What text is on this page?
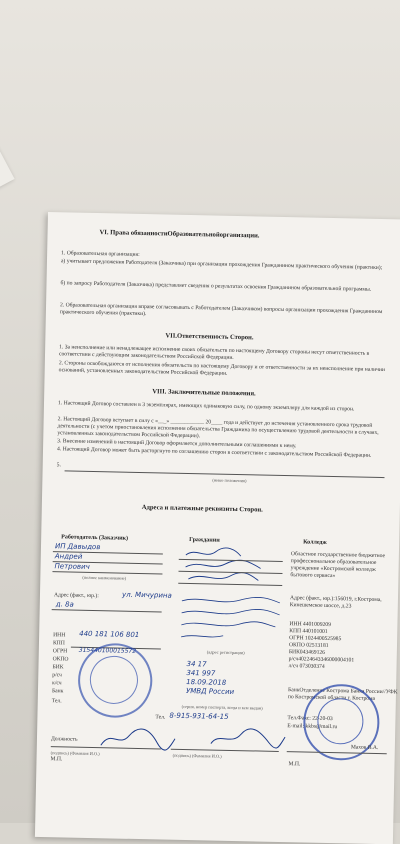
VI. Права обязанностиОбразовательнойорганизации.
1. Образовательная организация:
а) учитывает предложения Работодателя (Заказчика) при организации прохождения Гражданином практического обучения (практики);
б) по запросу Работодателя (Заказчика) представляет сведения о результатах освоения Гражданином образовательной программы.
2. Образовательная организация вправе согласовывать с Работодателем (Заказчиком) вопросы организации прохождения Гражданином практического обучения (практики).
VII.Ответственность Сторон.
1. За неисполнение или ненадлежащее исполнение своих обязательств по настоящему Договору стороны несут ответственность в соответствии с действующим законодательством Российской Федерации.
2. Стороны освобождаются от исполнения обязательств по настоящему Договору и от ответственности за их неисполнение при наличии оснований, установленных законодательством Российской Федерации.
VIII. Заключительные положения.
1. Настоящий Договор составлен в 3 экземплярах, имеющих одинаковую силу, по одному экземпляру для каждой из сторон.
2. Настоящий Договор вступает в силу с «___» ____________ 20____ года и действует до истечения установленного срока трудовой деятельности (с учетом приостановления исполнения обязательства Гражданина по осуществлению трудовой деятельности в случаях, установленных законодательством Российской Федерации).
3. Внесение изменений в настоящий Договор оформляется дополнительными соглашениями к нему.
4. Настоящий Договор может быть расторгнуто по соглашению сторон в соответствии с законодательством Российской Федерации.
5.
(иные положения)
Адреса и платежные реквизиты Сторон.
Работодатель (Заказчик)	Гражданин	Колледж
ИП Давыдов
Андрей
Петрович
(полное наименование)
Адрес (факт., юр.):	ул. Мичурина
д. 8а
ИНН 440 181 106 801
КПП
ОГРН 315440100015572
ОКПО
БИК
р/сч
к/сч
Банк
Тел.
(адрес регистрации)
34 17
341 997
18.09.2018
УМВД России
(серия, номер паспорта, когда и кем выдан)
Тел. 8-915-931-64-15
Областное государственное бюджетное профессиональное образовательное учреждение «Костромской колледж бытового сервиса»
Адрес (факт., юр.):156019, г.Кострома, Кинешемское шоссе, д.23
ИНН 4401009209
КПП 440101001
ОГРН 1024400525985
ОКПО 02513181
БИК043469126
р/сч40224643346000004101
л/сч 073030374
БанкОтделение Кострома Банка России//УФК по Костромской области г. Кострома
Тел.Факс: 22-20-03
E-mail: kkbs@mail.ru
Должность
(подпись) (Фамилия И.О.)
М.П.
(подпись) (Фамилия И.О.)
Махов В.А.
М.П.
